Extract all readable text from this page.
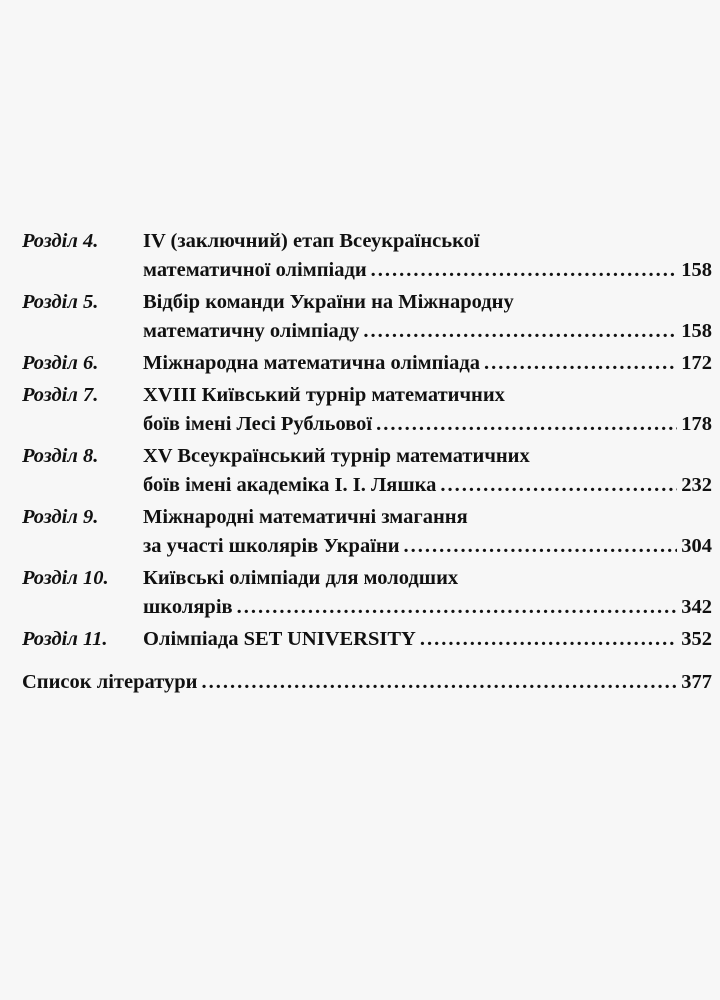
Розділ 4.	IV (заключний) етап Всеукраїнської
математичної олімпіади .....	158
Розділ 5.	Відбір команди України на Міжнародну
математичну олімпіаду .....	158
Розділ 6.	Міжнародна математична олімпіада .....	172
Розділ 7.	XVIII Київський турнір математичних
боїв імені Лесі Рубльової .....	178
Розділ 8.	XV Всеукраїнський турнір математичних
боїв імені академіка І. І. Ляшка .....	232
Розділ 9.	Міжнародні математичні змагання
за участі школярів України .....	304
Розділ 10.	Київські олімпіади для молодших
школярів .....	342
Розділ 11.	Олімпіада SET UNIVERSITY .....	352
Список літератури .....	377
